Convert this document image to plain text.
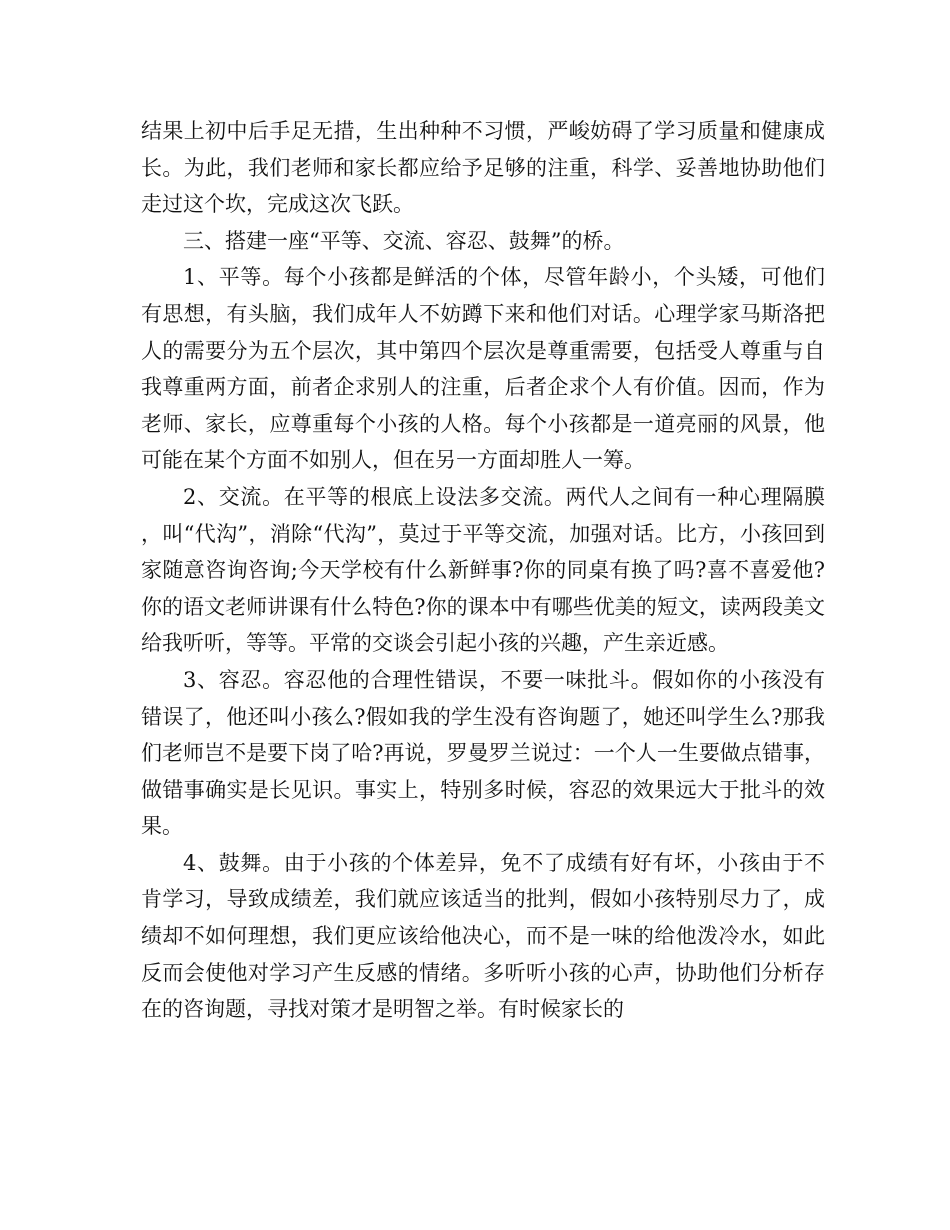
结果上初中后手足无措，生出种种不习惯，严峻妨碍了学习质量和健康成长。为此，我们老师和家长都应给予足够的注重，科学、妥善地协助他们走过这个坎，完成这次飞跃。

三、搭建一座“平等、交流、容忍、鼓舞”的桥。

1、平等。每个小孩都是鲜活的个体，尽管年龄小，个头矮，可他们有思想，有头脑，我们成年人不妨蹲下来和他们对话。心理学家马斯洛把人的需要分为五个层次，其中第四个层次是尊重需要，包括受人尊重与自我尊重两方面，前者企求别人的注重，后者企求个人有价值。因而，作为老师、家长，应尊重每个小孩的人格。每个小孩都是一道亮丽的风景，他可能在某个方面不如别人，但在另一方面却胜人一筹。

2、交流。在平等的根底上设法多交流。两代人之间有一种心理隔膜，叫“代沟”，消除“代沟”，莫过于平等交流，加强对话。比方，小孩回到家随意咨询咨询;今天学校有什么新鲜事?你的同桌有换了吗?喜不喜爱他?你的语文老师讲课有什么特色?你的课本中有哪些优美的短文，读两段美文给我听听，等等。平常的交谈会引起小孩的兴趣，产生亲近感。

3、容忍。容忍他的合理性错误，不要一味批斗。假如你的小孩没有错误了，他还叫小孩么?假如我的学生没有咨询题了，她还叫学生么?那我们老师岂不是要下岗了哈?再说，罗曼罗兰说过：一个人一生要做点错事，做错事确实是长见识。事实上，特别多时候，容忍的效果远大于批斗的效果。

4、鼓舞。由于小孩的个体差异，免不了成绩有好有坏，小孩由于不肯学习，导致成绩差，我们就应该适当的批判，假如小孩特别尽力了，成绩却不如何理想，我们更应该给他决心，而不是一味的给他泼冷水，如此反而会使他对学习产生反感的情绪。多听听小孩的心声，协助他们分析存在的咨询题，寻找对策才是明智之举。有时候家长的
